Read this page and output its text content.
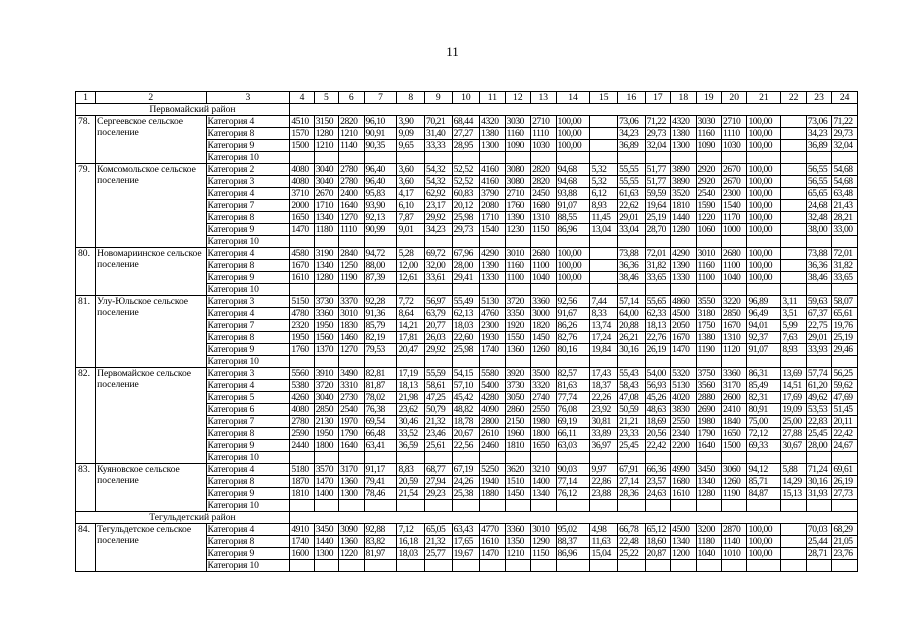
11
1	2	3	4	5	6	7	8	9	10	11	12	13	14	15	16	17	18	19	20	21	22	23	24
	Первомайский район																						
78.	Сергеевское сельское поселение	Категория 4	4510	3150	2820	96,10	3,90	70,21	68,44	4320	3030	2710	100,00		73,06	71,22	4320	3030	2710	100,00		73,06	71,22
		Категория 8	1570	1280	1210	90,91	9,09	31,40	27,27	1380	1160	1110	100,00		34,23	29,73	1380	1160	1110	100,00		34,23	29,73
		Категория 9	1500	1210	1140	90,35	9,65	33,33	28,95	1300	1090	1030	100,00		36,89	32,04	1300	1090	1030	100,00		36,89	32,04
		Категория 10																					
79.	Комсомольское сельское поселение	Категория 2	4080	3040	2780	96,40	3,60	54,32	52,52	4160	3080	2820	94,68	5,32	55,55	51,77	3890	2920	2670	100,00		56,55	54,68
		Категория 3	4080	3040	2780	96,40	3,60	54,32	52,52	4160	3080	2820	94,68	5,32	55,55	51,77	3890	2920	2670	100,00		56,55	54,68
		Категория 4	3710	2670	2400	95,83	4,17	62,92	60,83	3790	2710	2450	93,88	6,12	61,63	59,59	3520	2540	2300	100,00		65,65	63,48
		Категория 7	2000	1710	1640	93,90	6,10	23,17	20,12	2080	1760	1680	91,07	8,93	22,62	19,64	1810	1590	1540	100,00		24,68	21,43
		Категория 8	1650	1340	1270	92,13	7,87	29,92	25,98	1710	1390	1310	88,55	11,45	29,01	25,19	1440	1220	1170	100,00		32,48	28,21
		Категория 9	1470	1180	1110	90,99	9,01	34,23	29,73	1540	1230	1150	86,96	13,04	33,04	28,70	1280	1060	1000	100,00		38,00	33,00
		Категория 10																					
80.	Новомариинское сельское поселение	Категория 4	4580	3190	2840	94,72	5,28	69,72	67,96	4290	3010	2680	100,00		73,88	72,01	4290	3010	2680	100,00		73,88	72,01
		Категория 8	1670	1340	1250	88,00	12,00	32,00	28,00	1390	1160	1100	100,00		36,36	31,82	1390	1160	1100	100,00		36,36	31,82
		Категория 9	1610	1280	1190	87,39	12,61	33,61	29,41	1330	1100	1040	100,00		38,46	33,65	1330	1100	1040	100,00		38,46	33,65
		Категория 10																					
81.	Улу-Юльское сельское поселение	Категория 3	5150	3730	3370	92,28	7,72	56,97	55,49	5130	3720	3360	92,56	7,44	57,14	55,65	4860	3550	3220	96,89	3,11	59,63	58,07
		Категория 4	4780	3360	3010	91,36	8,64	63,79	62,13	4760	3350	3000	91,67	8,33	64,00	62,33	4500	3180	2850	96,49	3,51	67,37	65,61
		Категория 7	2320	1950	1830	85,79	14,21	20,77	18,03	2300	1920	1820	86,26	13,74	20,88	18,13	2050	1750	1670	94,01	5,99	22,75	19,76
		Категория 8	1950	1560	1460	82,19	17,81	26,03	22,60	1930	1550	1450	82,76	17,24	26,21	22,76	1670	1380	1310	92,37	7,63	29,01	25,19
		Категория 9	1760	1370	1270	79,53	20,47	29,92	25,98	1740	1360	1260	80,16	19,84	30,16	26,19	1470	1190	1120	91,07	8,93	33,93	29,46
		Категория 10																					
82.	Первомайское сельское поселение	Категория 3	5560	3910	3490	82,81	17,19	55,59	54,15	5580	3920	3500	82,57	17,43	55,43	54,00	5320	3750	3360	86,31	13,69	57,74	56,25
		Категория 4	5380	3720	3310	81,87	18,13	58,61	57,10	5400	3730	3320	81,63	18,37	58,43	56,93	5130	3560	3170	85,49	14,51	61,20	59,62
		Категория 5	4260	3040	2730	78,02	21,98	47,25	45,42	4280	3050	2740	77,74	22,26	47,08	45,26	4020	2880	2600	82,31	17,69	49,62	47,69
		Категория 6	4080	2850	2540	76,38	23,62	50,79	48,82	4090	2860	2550	76,08	23,92	50,59	48,63	3830	2690	2410	80,91	19,09	53,53	51,45
		Категория 7	2780	2130	1970	69,54	30,46	21,32	18,78	2800	2150	1980	69,19	30,81	21,21	18,69	2550	1980	1840	75,00	25,00	22,83	20,11
		Категория 8	2590	1950	1790	66,48	33,52	23,46	20,67	2610	1960	1800	66,11	33,89	23,33	20,56	2340	1790	1650	72,12	27,88	25,45	22,42
		Категория 9	2440	1800	1640	63,41	36,59	25,61	22,56	2460	1810	1650	63,03	36,97	25,45	22,42	2200	1640	1500	69,33	30,67	28,00	24,67
		Категория 10																					
83.	Куяновское сельское поселение	Категория 4	5180	3570	3170	91,17	8,83	68,77	67,19	5250	3620	3210	90,03	9,97	67,91	66,36	4990	3450	3060	94,12	5,88	71,24	69,61
		Категория 8	1870	1470	1360	79,41	20,59	27,94	24,26	1940	1510	1400	77,14	22,86	27,14	23,57	1680	1340	1260	85,71	14,29	30,16	26,19
		Категория 9	1810	1400	1300	78,46	21,54	29,23	25,38	1880	1450	1340	76,12	23,88	28,36	24,63	1610	1280	1190	84,87	15,13	31,93	27,73
		Категория 10																					
	Тегульдетский район																						
84.	Тегульдетское сельское поселение	Категория 4	4910	3450	3090	92,88	7,12	65,05	63,43	4770	3360	3010	95,02	4,98	66,78	65,12	4500	3200	2870	100,00		70,03	68,29
		Категория 8	1740	1440	1360	83,82	16,18	21,32	17,65	1610	1350	1290	88,37	11,63	22,48	18,60	1340	1180	1140	100,00		25,44	21,05
		Категория 9	1600	1300	1220	81,97	18,03	25,77	19,67	1470	1210	1150	86,96	15,04	25,22	20,87	1200	1040	1010	100,00		28,71	23,76
		Категория 10																					
